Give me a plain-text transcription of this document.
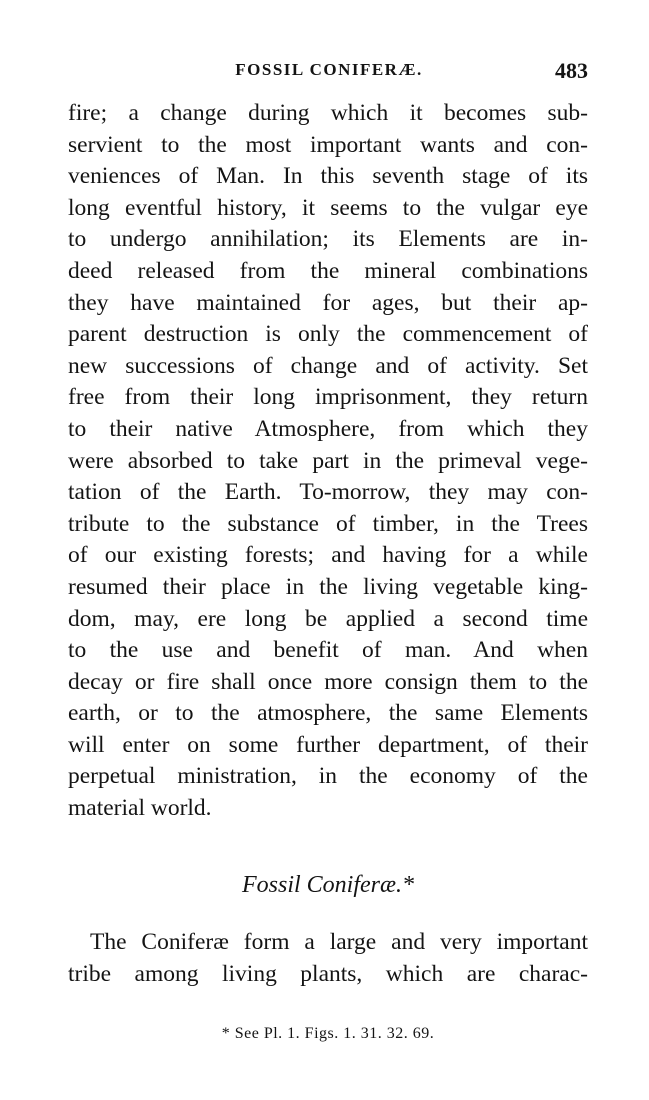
FOSSIL CONIFERÆ.	483
fire; a change during which it becomes sub-
servient to the most important wants and con-
veniences of Man. In this seventh stage of its
long eventful history, it seems to the vulgar eye
to undergo annihilation; its Elements are in-
deed released from the mineral combinations
they have maintained for ages, but their ap-
parent destruction is only the commencement of
new successions of change and of activity. Set
free from their long imprisonment, they return
to their native Atmosphere, from which they
were absorbed to take part in the primeval vege-
tation of the Earth. To-morrow, they may con-
tribute to the substance of timber, in the Trees
of our existing forests; and having for a while
resumed their place in the living vegetable king-
dom, may, ere long be applied a second time
to the use and benefit of man. And when
decay or fire shall once more consign them to the
earth, or to the atmosphere, the same Elements
will enter on some further department, of their
perpetual ministration, in the economy of the
material world.
Fossil Coniferæ.*
The Coniferæ form a large and very important
tribe among living plants, which are charac-
* See Pl. 1. Figs. 1. 31. 32. 69.
